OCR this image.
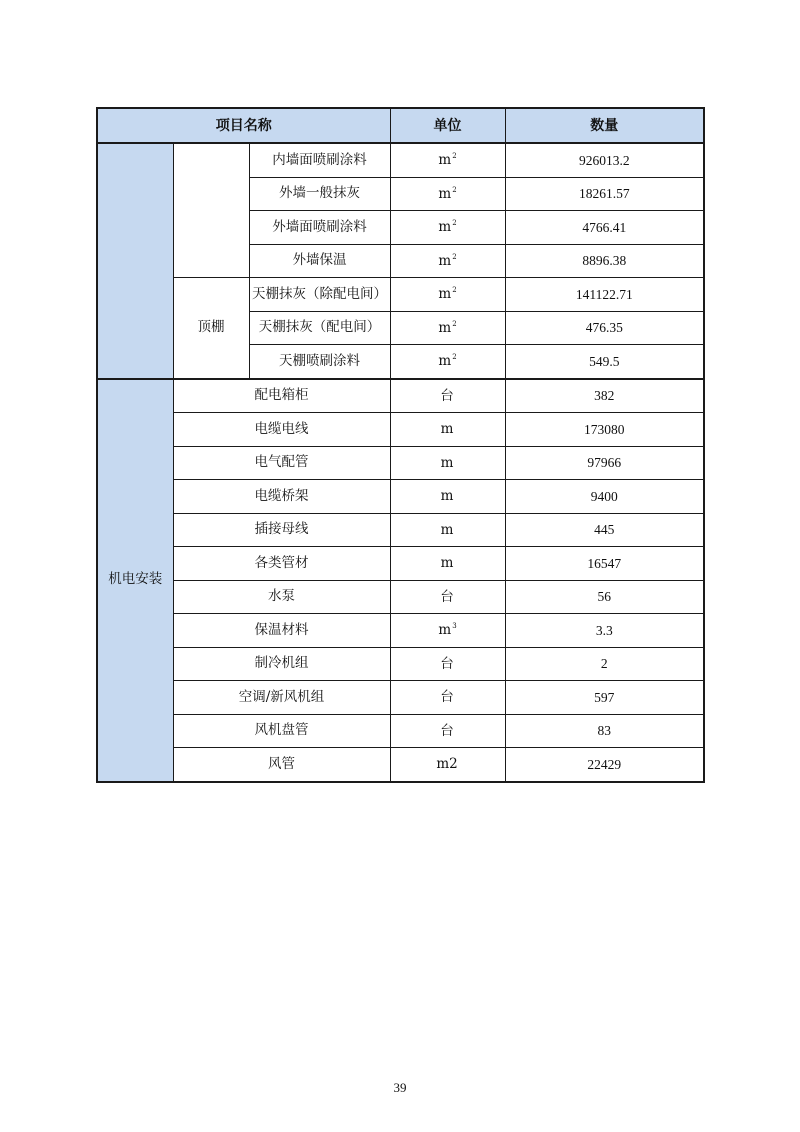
项目名称			单位	数量
		内墙面喷刷涂料	$m^2$	926013.2
		外墙一般抹灰	$m^2$	18261.57
		外墙面喷刷涂料	$m^2$	4766.41
		外墙保温	$m^2$	8896.38
	顶棚	天棚抹灰（除配电间）	$m^2$	141122.71
		天棚抹灰（配电间）	$m^2$	476.35
		天棚喷刷涂料	$m^2$	549.5
机电安装	配电箱柜		台	382
	电缆电线		m	173080
	电气配管		m	97966
	电缆桥架		m	9400
	插接母线		m	445
	各类管材		m	16547
	水泵		台	56
	保温材料		$m^3$	3.3
	制冷机组		台	2
	空调/新风机组		台	597
	风机盘管		台	83
	风管		m2	22429
39
